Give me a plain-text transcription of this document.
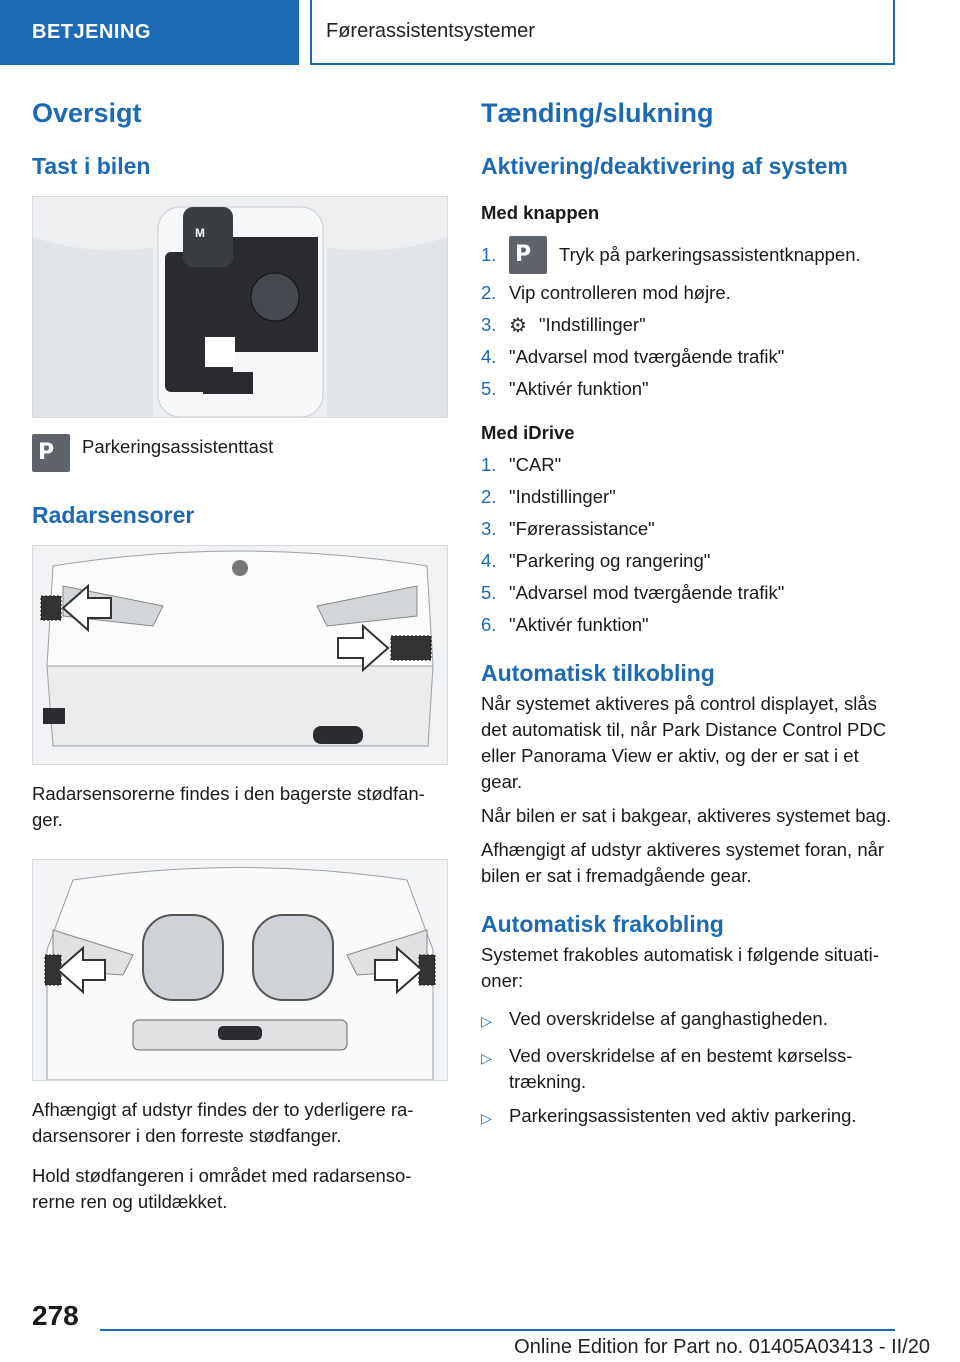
BETJENING	Førerassistentsystemer
Oversigt
Tast i bilen
M
P Parkeringsassistenttast

Radarsensorer

Radarsensorerne findes i den bagerste stødfan-ger.

Afhængigt af udstyr findes der to yderligere ra-darsensorer i den forreste stødfanger.

Hold stødfangeren i området med radarsenso-rerne ren og utildækket.

Tænding/slukning
Aktivering/deaktivering af system

Med knappen

1. P Tryk på parkeringsassistentknappen.
2. Vip controlleren mod højre.
3. ⚙ "Indstillinger"
4. "Advarsel mod tværgående trafik"
5. "Aktivér funktion"

Med iDrive

1. "CAR"
2. "Indstillinger"
3. "Førerassistance"
4. "Parkering og rangering"
5. "Advarsel mod tværgående trafik"
6. "Aktivér funktion"
Automatisk tilkobling

Når systemet aktiveres på control displayet, slås det automatisk til, når Park Distance Control PDC eller Panorama View er aktiv, og der er sat i et gear.

Når bilen er sat i bakgear, aktiveres systemet bag.

Afhængigt af udstyr aktiveres systemet foran, når bilen er sat i fremadgående gear.

Automatisk frakobling

Systemet frakobles automatisk i følgende situati-oner:

▷ Ved overskridelse af ganghastigheden.
▷ Ved overskridelse af en bestemt kørselss-trækning.
▷ Parkeringsassistenten ved aktiv parkering.
278
Online Edition for Part no. 01405A03413 - II/20
